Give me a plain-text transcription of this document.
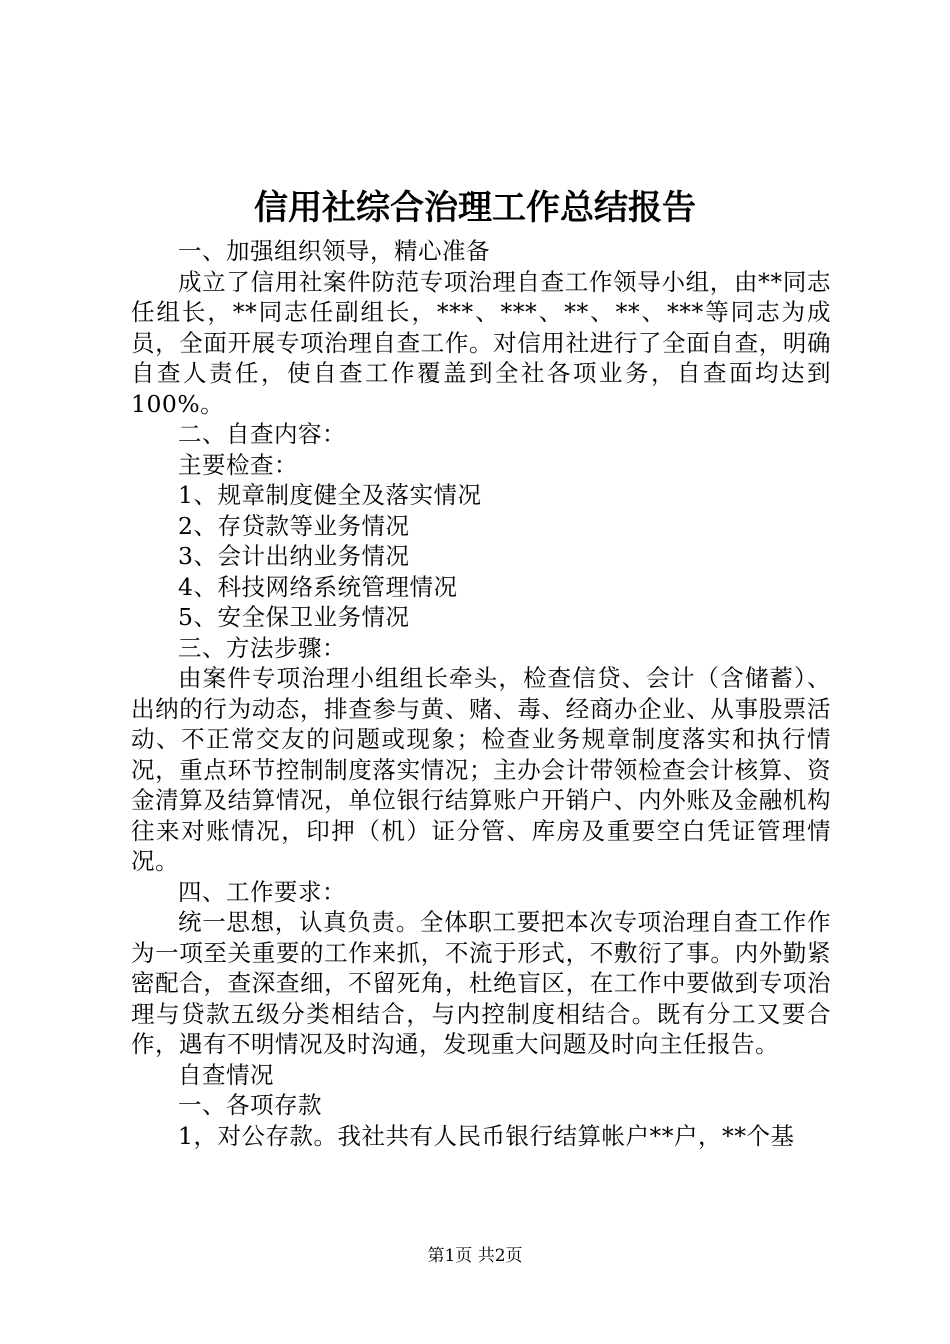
信用社综合治理工作总结报告

一、加强组织领导，精心准备

成立了信用社案件防范专项治理自查工作领导小组，由**同志任组长，**同志任副组长，***、***、**、**、***等同志为成员，全面开展专项治理自查工作。对信用社进行了全面自查，明确自查人责任，使自查工作覆盖到全社各项业务，自查面均达到100%。

二、自查内容：

主要检查：

1、规章制度健全及落实情况

2、存贷款等业务情况

3、会计出纳业务情况

4、科技网络系统管理情况

5、安全保卫业务情况

三、方法步骤：

由案件专项治理小组组长牵头，检查信贷、会计（含储蓄）、出纳的行为动态，排查参与黄、赌、毒、经商办企业、从事股票活动、不正常交友的问题或现象；检查业务规章制度落实和执行情况，重点环节控制制度落实情况；主办会计带领检查会计核算、资金清算及结算情况，单位银行结算账户开销户、内外账及金融机构往来对账情况，印押（机）证分管、库房及重要空白凭证管理情况。

四、工作要求：

统一思想，认真负责。全体职工要把本次专项治理自查工作作为一项至关重要的工作来抓，不流于形式，不敷衍了事。内外勤紧密配合，查深查细，不留死角，杜绝盲区，在工作中要做到专项治理与贷款五级分类相结合，与内控制度相结合。既有分工又要合作，遇有不明情况及时沟通，发现重大问题及时向主任报告。

自查情况

一、各项存款

1，对公存款。我社共有人民币银行结算帐户**户，**个基

第1页 共2页
